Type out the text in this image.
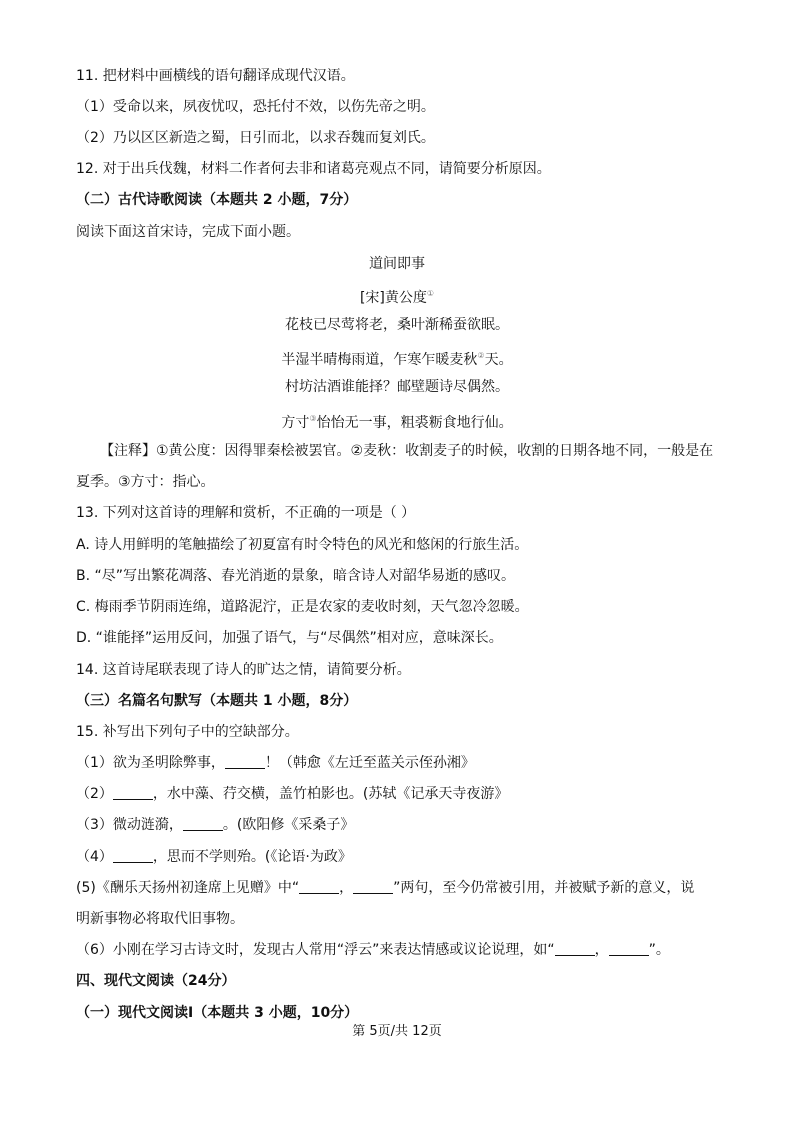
11. 把材料中画横线的语句翻译成现代汉语。
（1）受命以来，夙夜忧叹，恐托付不效，以伤先帝之明。
（2）乃以区区新造之蜀，日引而北，以求吞魏而复刘氏。
12. 对于出兵伐魏，材料二作者何去非和诸葛亮观点不同，请简要分析原因。
（二）古代诗歌阅读（本题共 2 小题，7分）
阅读下面这首宋诗，完成下面小题。
道间即事
[宋]黄公度①
花枝已尽莺将老，桑叶渐稀蚕欲眠。
半湿半晴梅雨道，乍寒乍暖麦秋②天。
村坊沽酒谁能择？邮壁题诗尽偶然。
方寸③怡怡无一事，粗裘粝食地行仙。
【注释】①黄公度：因得罪秦桧被罢官。②麦秋：收割麦子的时候，收割的日期各地不同，一般是在
夏季。③方寸：指心。
13. 下列对这首诗的理解和赏析，不正确的一项是（ ）
A. 诗人用鲜明的笔触描绘了初夏富有时令特色的风光和悠闲的行旅生活。
B. “尽”写出繁花凋落、春光消逝的景象，暗含诗人对韶华易逝的感叹。
C. 梅雨季节阴雨连绵，道路泥泞，正是农家的麦收时刻，天气忽冷忽暖。
D. “谁能择”运用反问，加强了语气，与“尽偶然”相对应，意味深长。
14. 这首诗尾联表现了诗人的旷达之情，请简要分析。
（三）名篇名句默写（本题共 1 小题，8分）
15. 补写出下列句子中的空缺部分。
（1）欲为圣明除弊事，	！（韩愈《左迁至蓝关示侄孙湘》
（2）	，水中藻、荇交横，盖竹柏影也。(苏轼《记承天寺夜游》
（3）微动涟漪，	。(欧阳修《采桑子》
（4）	，思而不学则殆。(《论语·为政》
(5)《酬乐天扬州初逢席上见赠》中“	，	”两句，至今仍常被引用，并被赋予新的意义，说
明新事物必将取代旧事物。
（6）小刚在学习古诗文时，发现古人常用“浮云”来表达情感或议论说理，如“	，	”。
四、现代文阅读（24分）
（一）现代文阅读Ⅰ（本题共 3 小题，10分）
第 5页/共 12页
